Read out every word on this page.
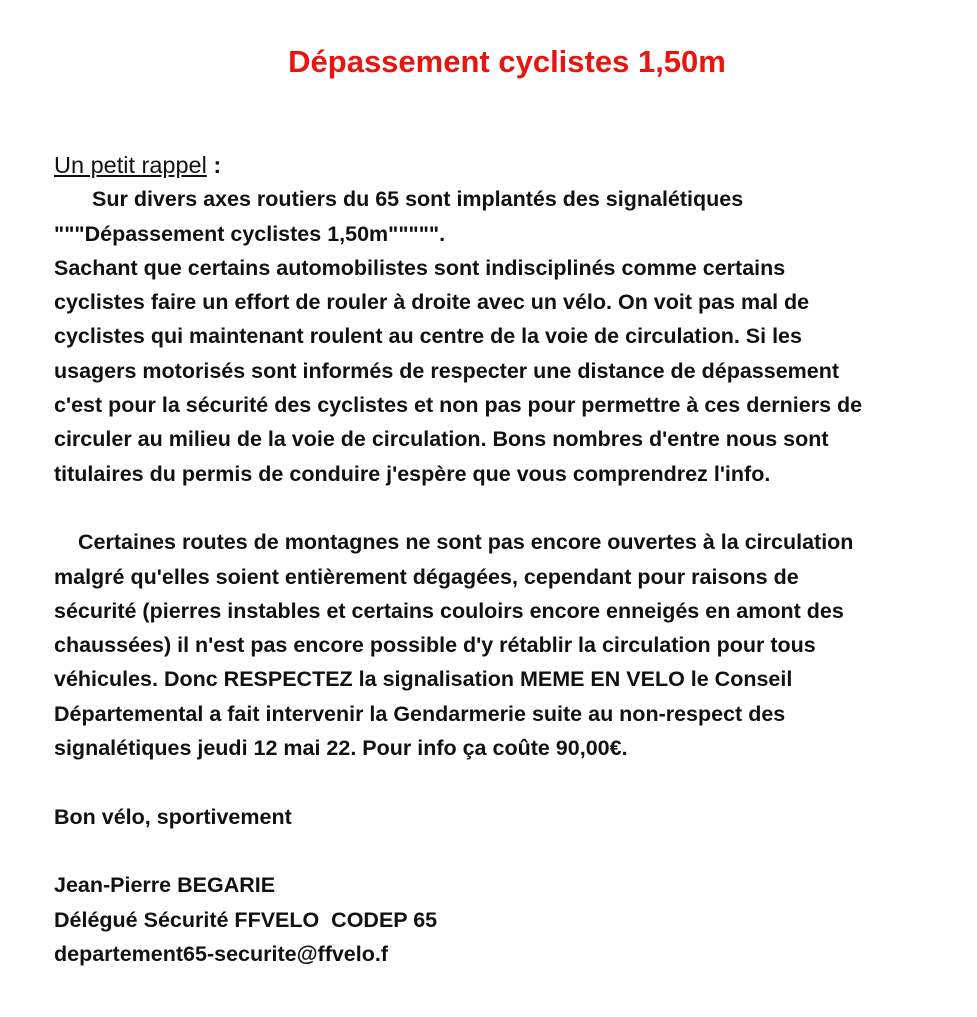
Dépassement cyclistes 1,50m

Un petit rappel :

Sur divers axes routiers du 65 sont implantés des signalétiques

"""Dépassement cyclistes 1,50m""""".

Sachant que certains automobilistes sont indisciplinés comme certains

cyclistes faire un effort de rouler à droite avec un vélo. On voit pas mal de

cyclistes qui maintenant roulent au centre de la voie de circulation. Si les

usagers motorisés sont informés de respecter une distance de dépassement

c'est pour la sécurité des cyclistes et non pas pour permettre à ces derniers de

circuler au milieu de la voie de circulation. Bons nombres d'entre nous sont

titulaires du permis de conduire j'espère que vous comprendrez l'info.

Certaines routes de montagnes ne sont pas encore ouvertes à la circulation

malgré qu'elles soient entièrement dégagées, cependant pour raisons de

sécurité (pierres instables et certains couloirs encore enneigés en amont des

chaussées) il n'est pas encore possible d'y rétablir la circulation pour tous

véhicules. Donc RESPECTEZ la signalisation MEME EN VELO le Conseil

Départemental a fait intervenir la Gendarmerie suite au non-respect des

signalétiques jeudi 12 mai 22. Pour info ça coûte 90,00€.

Bon vélo, sportivement

Jean-Pierre BEGARIE

Délégué Sécurité FFVELO  CODEP 65

departement65-securite@ffvelo.f
